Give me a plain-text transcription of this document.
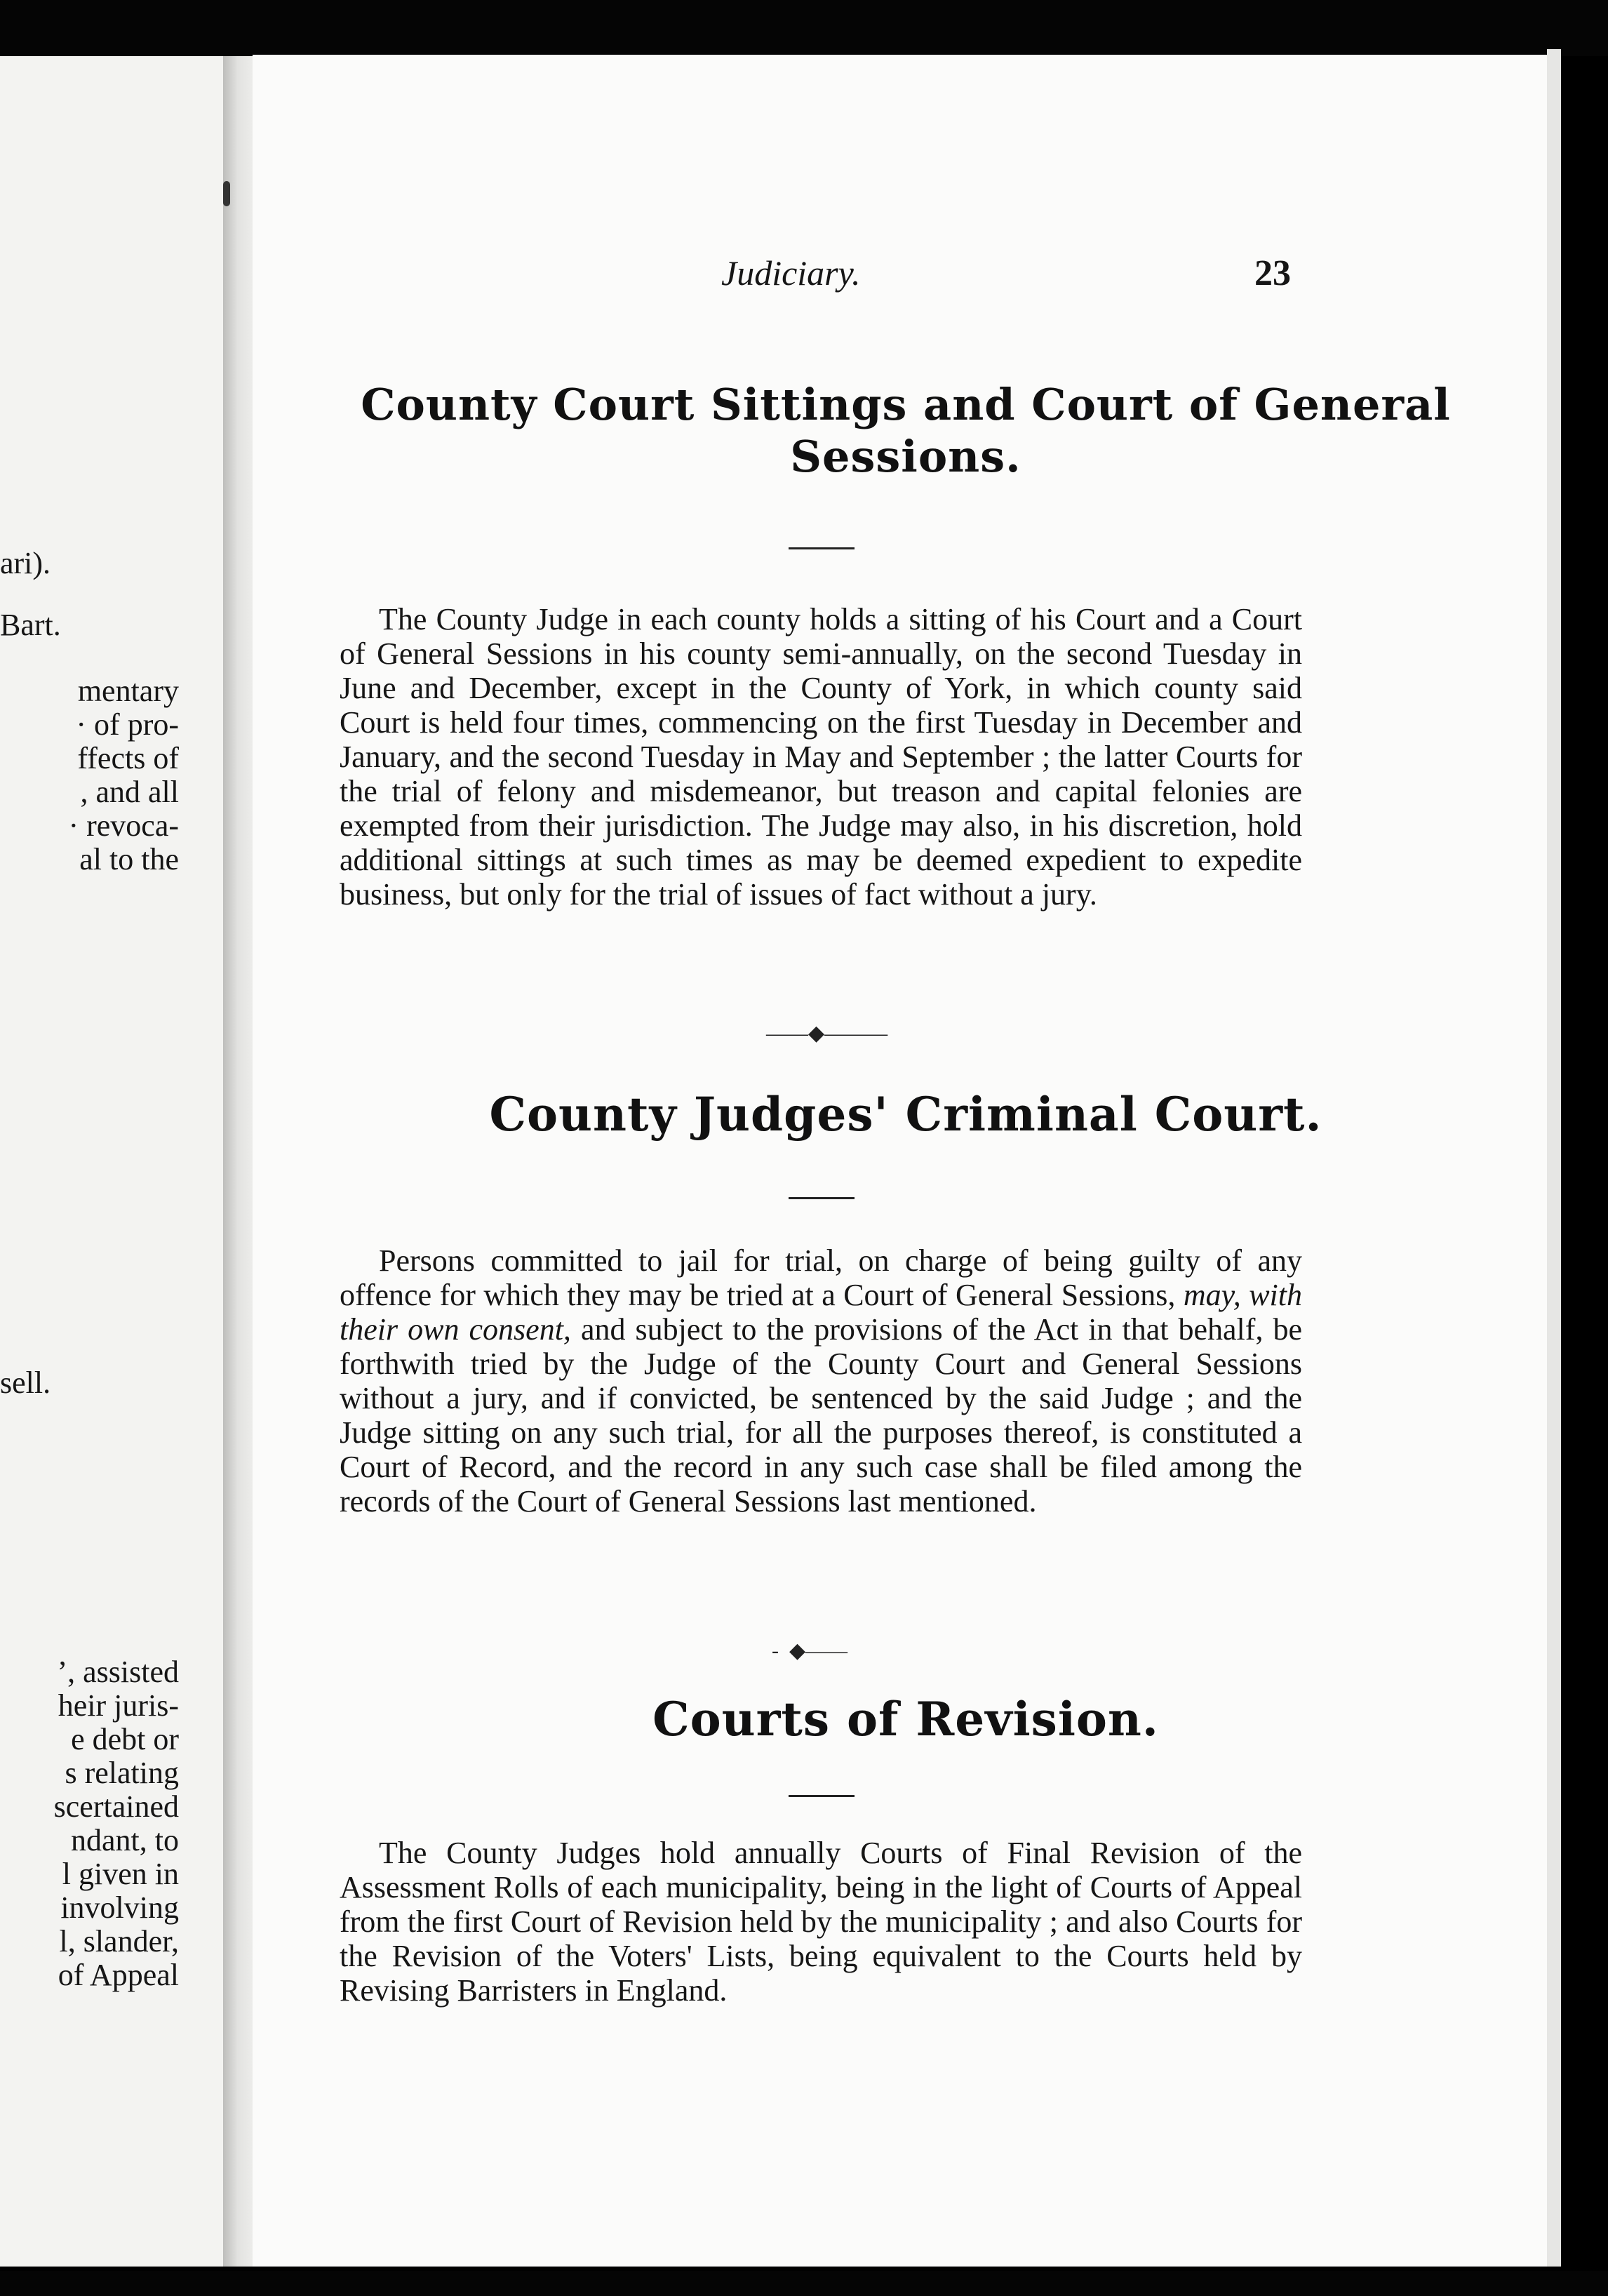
ari‍).
Bart.
mentary
· of pro-
ffects of
, and all
· revoca-
al to the
sell.
’, assisted
heir juris-
e debt or
s relating
scertained
ndant, to
l given in
involving
l, slander,
of Appeal
Judiciary.	23
County Court Sittings and Court of General
Sessions.
The County Judge in each county holds a sitting of his Court and a Court of General Sessions in his county semi-annually, on the second Tuesday in June and December, except in the County of York, in which county said Court is held four times, commencing on the first Tuesday in December and January, and the second Tuesday in May and September ; the latter Courts for the trial of felony and misdemeanor, but treason and capital felonies are exempted from their jurisdiction. The Judge may also, in his discretion, hold additional sittings at such times as may be deemed expedient to expedite business, but only for the trial of issues of fact without a jury.
——◆———
County Judges' Criminal Court.
Persons committed to jail for trial, on charge of being guilty of any offence for which they may be tried at a Court of General Sessions, may, with their own consent, and subject to the provisions of the Act in that behalf, be forthwith tried by the Judge of the County Court and General Sessions without a jury, and if convicted, be sentenced by the said Judge ; and the Judge sitting on any such trial, for all the purposes thereof, is constituted a Court of Record, and the record in any such case shall be filed among the records of the Court of General Sessions last mentioned.
-  ◆——
Courts of Revision.
The County Judges hold annually Courts of Final Revision of the Assessment Rolls of each municipality, being in the light of Courts of Appeal from the first Court of Revision held by the municipality ; and also Courts for the Revision of the Voters' Lists, being equivalent to the Courts held by Revising Barristers in England.
